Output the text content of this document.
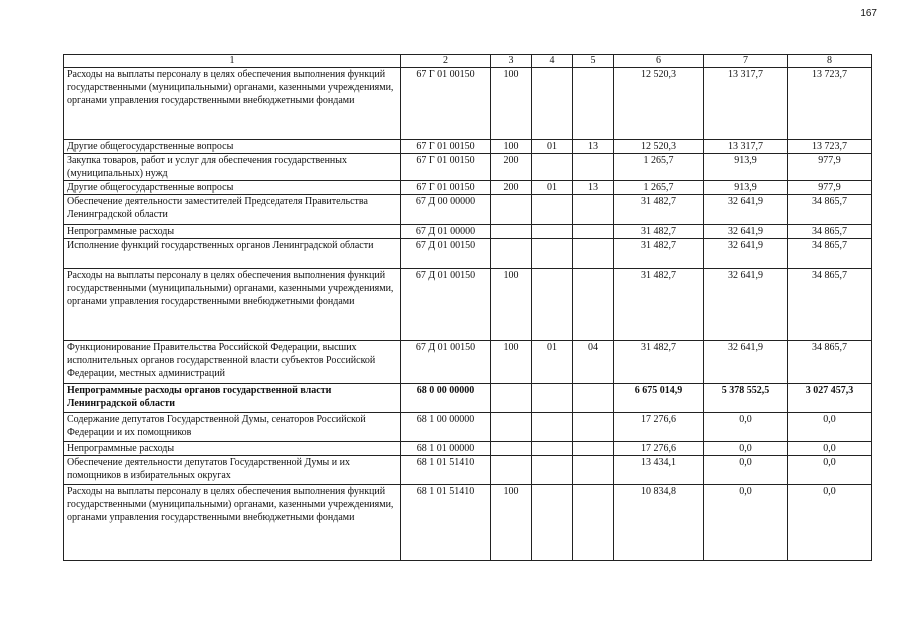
167
1	2	3	4	5	6	7	8
Расходы на выплаты персоналу в целях обеспечения выполнения функций государственными (муниципальными) органами, казенными учреждениями, органами управления государственными внебюджетными фондами	67 Г 01 00150	100			12 520,3	13 317,7	13 723,7
Другие общегосударственные вопросы	67 Г 01 00150	100	01	13	12 520,3	13 317,7	13 723,7
Закупка товаров, работ и услуг для обеспечения государственных (муниципальных) нужд	67 Г 01 00150	200			1 265,7	913,9	977,9
Другие общегосударственные вопросы	67 Г 01 00150	200	01	13	1 265,7	913,9	977,9
Обеспечение деятельности заместителей Председателя Правительства Ленинградской области	67 Д 00 00000				31 482,7	32 641,9	34 865,7
Непрограммные расходы	67 Д 01 00000				31 482,7	32 641,9	34 865,7
Исполнение функций государственных органов Ленинградской области	67 Д 01 00150				31 482,7	32 641,9	34 865,7
Расходы на выплаты персоналу в целях обеспечения выполнения функций государственными (муниципальными) органами, казенными учреждениями, органами управления государственными внебюджетными фондами	67 Д 01 00150	100			31 482,7	32 641,9	34 865,7
Функционирование Правительства Российской Федерации, высших исполнительных органов государственной власти субъектов Российской Федерации, местных администраций	67 Д 01 00150	100	01	04	31 482,7	32 641,9	34 865,7
Непрограммные расходы органов государственной власти Ленинградской области	68 0 00 00000				6 675 014,9	5 378 552,5	3 027 457,3
Содержание депутатов Государственной Думы, сенаторов Российской Федерации и их помощников	68 1 00 00000				17 276,6	0,0	0,0
Непрограммные расходы	68 1 01 00000				17 276,6	0,0	0,0
Обеспечение деятельности депутатов Государственной Думы и их помощников в избирательных округах	68 1 01 51410				13 434,1	0,0	0,0
Расходы на выплаты персоналу в целях обеспечения выполнения функций государственными (муниципальными) органами, казенными учреждениями, органами управления государственными внебюджетными фондами	68 1 01 51410	100			10 834,8	0,0	0,0
